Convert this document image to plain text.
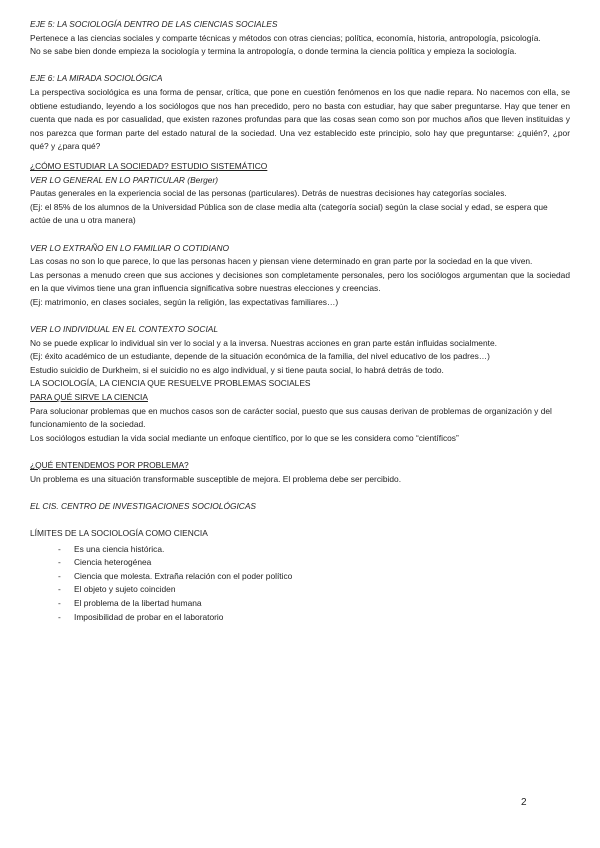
EJE 5: LA SOCIOLOGÍA DENTRO DE LAS CIENCIAS SOCIALES

Pertenece a las ciencias sociales y comparte técnicas y métodos con otras ciencias; política, economía, historia, antropología, psicología.

No se sabe bien donde empieza la sociología y termina la antropología, o donde termina la ciencia política y empieza la sociología.

EJE 6: LA MIRADA SOCIOLÓGICA

La perspectiva sociológica es una forma de pensar, crítica, que pone en cuestión fenómenos en los que nadie repara. No nacemos con ella, se obtiene estudiando, leyendo a los sociólogos que nos han precedido, pero no basta con estudiar, hay que saber preguntarse. Hay que tener en cuenta que nada es por casualidad, que existen razones profundas para que las cosas sean como son por muchos años que lleven instituidas y nos parezca que forman parte del estado natural de la sociedad. Una vez establecido este principio, solo hay que preguntarse: ¿quién?, ¿por qué? y ¿para qué?

¿CÓMO ESTUDIAR LA SOCIEDAD? ESTUDIO SISTEMÁTICO

VER LO GENERAL EN LO PARTICULAR (Berger)

Pautas generales en la experiencia social de las personas (particulares). Detrás de nuestras decisiones hay categorías sociales.

(Ej: el 85% de los alumnos de la Universidad Pública son de clase media alta (categoría social) según la clase social y edad, se espera que actúe de una u otra manera)

VER LO EXTRAÑO EN LO FAMILIAR O COTIDIANO

Las cosas no son lo que parece, lo que las personas hacen y piensan viene determinado en gran parte por la sociedad en la que viven.

Las personas a menudo creen que sus acciones y decisiones son completamente personales, pero los sociólogos argumentan que la sociedad en la que vivimos tiene una gran influencia significativa sobre nuestras elecciones y creencias.

(Ej: matrimonio, en clases sociales, según la religión, las expectativas familiares…)

VER LO INDIVIDUAL EN EL CONTEXTO SOCIAL

No se puede explicar lo individual sin ver lo social y a la inversa. Nuestras acciones en gran parte están influidas socialmente.

(Ej: éxito académico de un estudiante, depende de la situación económica de la familia, del nivel educativo de los padres…)

Estudio suicidio de Durkheim, si el suicidio no es algo individual, y si tiene pauta social, lo habrá detrás de todo.

LA SOCIOLOGÍA, LA CIENCIA QUE RESUELVE PROBLEMAS SOCIALES

PARA QUÉ SIRVE LA CIENCIA

Para solucionar problemas que en muchos casos son de carácter social, puesto que sus causas derivan de problemas de organización y del funcionamiento de la sociedad.

Los sociólogos estudian la vida social mediante un enfoque científico, por lo que se les considera como “científicos”

¿QUÉ ENTENDEMOS POR PROBLEMA?

Un problema es una situación transformable susceptible de mejora. El problema debe ser percibido.

EL CIS. CENTRO DE INVESTIGACIONES SOCIOLÓGICAS

LÍMITES DE LA SOCIOLOGÍA COMO CIENCIA

- Es una ciencia histórica.
- Ciencia heterogénea
- Ciencia que molesta. Extraña relación con el poder político
- El objeto y sujeto coinciden
- El problema de la libertad humana
- Imposibilidad de probar en el laboratorio
2
